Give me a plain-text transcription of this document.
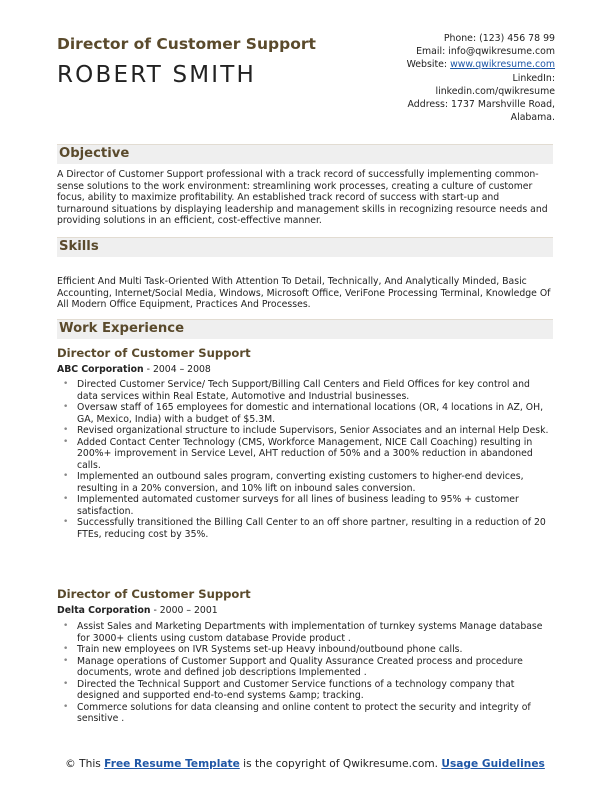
Director of Customer Support
ROBERT SMITH
Phone: (123) 456 78 99
Email: info@qwikresume.com
Website: www.qwikresume.com
LinkedIn:
linkedin.com/qwikresume
Address: 1737 Marshville Road,
Alabama.
Objective
A Director of Customer Support professional with a track record of successfully implementing common-sense solutions to the work environment: streamlining work processes, creating a culture of customer focus, ability to maximize profitability. An established track record of success with start-up and turnaround situations by displaying leadership and management skills in recognizing resource needs and providing solutions in an efficient, cost-effective manner.
Skills
Efficient And Multi Task-Oriented With Attention To Detail, Technically, And Analytically Minded, Basic Accounting, Internet/Social Media, Windows, Microsoft Office, VeriFone Processing Terminal, Knowledge Of All Modern Office Equipment, Practices And Processes.
Work Experience
Director of Customer Support
ABC Corporation - 2004 – 2008
• Directed Customer Service/ Tech Support/Billing Call Centers and Field Offices for key control and data services within Real Estate, Automotive and Industrial businesses.
• Oversaw staff of 165 employees for domestic and international locations (OR, 4 locations in AZ, OH, GA, Mexico, India) with a budget of $5.3M.
• Revised organizational structure to include Supervisors, Senior Associates and an internal Help Desk.
• Added Contact Center Technology (CMS, Workforce Management, NICE Call Coaching) resulting in 200%+ improvement in Service Level, AHT reduction of 50% and a 300% reduction in abandoned calls.
• Implemented an outbound sales program, converting existing customers to higher-end devices, resulting in a 20% conversion, and 10% lift on inbound sales conversion.
• Implemented automated customer surveys for all lines of business leading to 95% + customer satisfaction.
• Successfully transitioned the Billing Call Center to an off shore partner, resulting in a reduction of 20 FTEs, reducing cost by 35%.
Director of Customer Support
Delta Corporation - 2000 – 2001
• Assist Sales and Marketing Departments with implementation of turnkey systems Manage database for 3000+ clients using custom database Provide product .
• Train new employees on IVR Systems set-up Heavy inbound/outbound phone calls.
• Manage operations of Customer Support and Quality Assurance Created process and procedure documents, wrote and defined job descriptions Implemented .
• Directed the Technical Support and Customer Service functions of a technology company that designed and supported end-to-end systems &amp; tracking.
• Commerce solutions for data cleansing and online content to protect the security and integrity of sensitive .
© This Free Resume Template is the copyright of Qwikresume.com. Usage Guidelines
